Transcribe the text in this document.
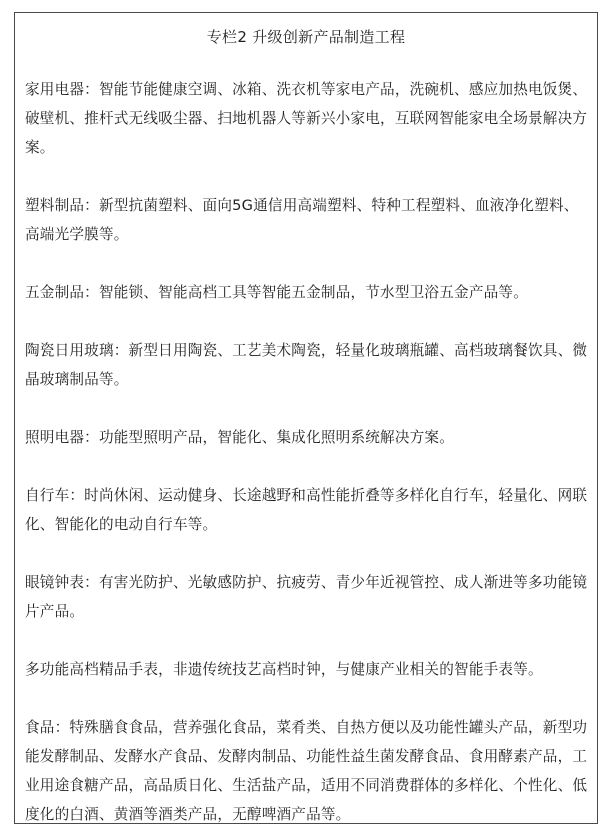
专栏2 升级创新产品制造工程

家用电器：智能节能健康空调、冰箱、洗衣机等家电产品，洗碗机、感应加热电饭煲、破壁机、推杆式无线吸尘器、扫地机器人等新兴小家电，互联网智能家电全场景解决方案。

塑料制品：新型抗菌塑料、面向5G通信用高端塑料、特种工程塑料、血液净化塑料、高端光学膜等。

五金制品：智能锁、智能高档工具等智能五金制品，节水型卫浴五金产品等。

陶瓷日用玻璃：新型日用陶瓷、工艺美术陶瓷，轻量化玻璃瓶罐、高档玻璃餐饮具、微晶玻璃制品等。

照明电器：功能型照明产品，智能化、集成化照明系统解决方案。

自行车：时尚休闲、运动健身、长途越野和高性能折叠等多样化自行车，轻量化、网联化、智能化的电动自行车等。

眼镜钟表：有害光防护、光敏感防护、抗疲劳、青少年近视管控、成人渐进等多功能镜片产品。

多功能高档精品手表，非遗传统技艺高档时钟，与健康产业相关的智能手表等。

食品：特殊膳食食品，营养强化食品，菜肴类、自热方便以及功能性罐头产品，新型功能发酵制品、发酵水产食品、发酵肉制品、功能性益生菌发酵食品、食用酵素产品，工业用途食糖产品，高品质日化、生活盐产品，适用不同消费群体的多样化、个性化、低度化的白酒、黄酒等酒类产品，无醇啤酒产品等。
